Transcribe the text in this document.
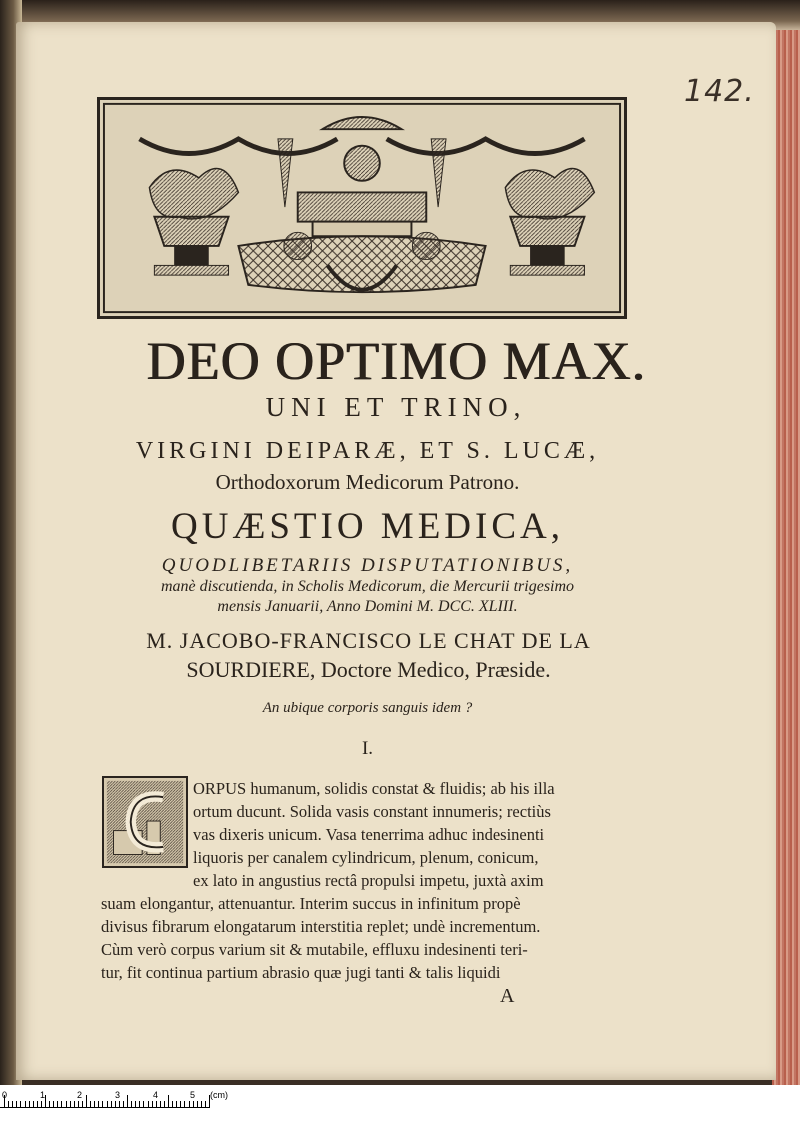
142.
DEO OPTIMO MAX.
UNI ET TRINO,
VIRGINI DEIPARÆ, ET S. LUCÆ,
Orthodoxorum Medicorum Patrono.
QUÆSTIO MEDICA,
QUODLIBETARIIS DISPUTATIONIBUS,
manè discutienda, in Scholis Medicorum, die Mercurii trigesimo
mensis Januarii, Anno Domini M. DCC. XLIII.
M. JACOBO-FRANCISCO LE CHAT DE LA
SOURDIERE, Doctore Medico, Præside.
An ubique corporis sanguis idem ?
I.
ORPUS humanum, solidis constat & fluidis; ab his illa
ortum ducunt. Solida vasis constant innumeris; rectiùs
vas dixeris unicum. Vasa tenerrima adhuc indesinenti
liquoris per canalem cylindricum, plenum, conicum,
ex lato in angustius rectâ propulsi impetu, juxtà axim
suam elongantur, attenuantur. Interim succus in infinitum propè
divisus fibrarum elongatarum interstitia replet; undè incrementum.
Cùm verò corpus varium sit & mutabile, effluxu indesinenti teri-
tur, fit continua partium abrasio quæ jugi tanti & talis liquidi
A
0	1	2	3	4	5 (cm)
